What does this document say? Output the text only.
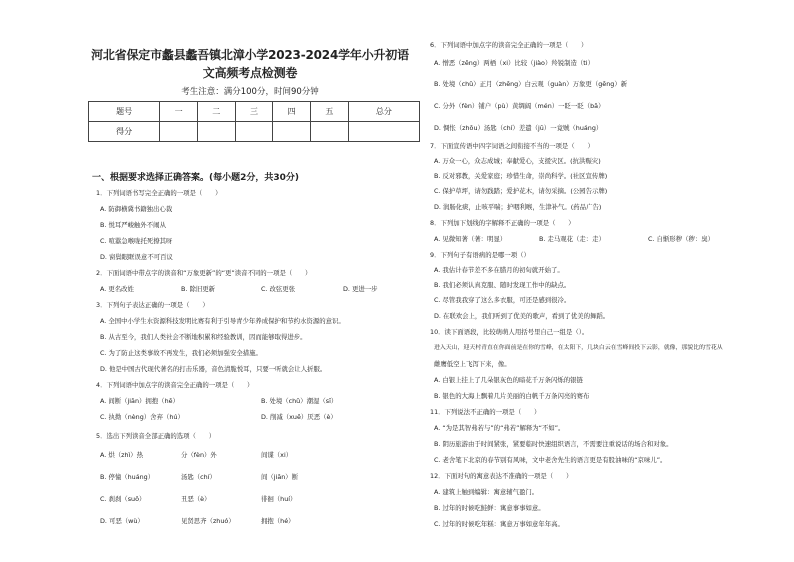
河北省保定市蠡县蠡吾镇北漳小学2023-2024学年小升初语
文高频考点检测卷
考生注意：满分100分，时间90分钟
题号	一	二	三	四	五	总分
得分						
一、根据要求选择正确答案。(每小题2分，共30分)
1．下列词语书写完全正确的一项是（　　）
A. 防御横冀书籍独出心裁
B. 悦耳严峻触外不闹从
C. 喧嚣急喉咙托死撩其呀
D. 窗鬓眼眶误意不可百议
2．下面词语中带点字的读音和“万象更新”的“更”读音不同的一项是（　　）
A. 更名改姓	B. 除旧更新	C. 改弦更张	D. 更进一步
3．下列句子表达正确的一项是（　　）
A. 全国中小学生水资源科技发明比赛有利于引导青少年养成保护和节约水资源的意识。
B. 从古至今，我们人类社会不断地积累和经验教训，因而能够取得进步。
C. 为了防止这类事故不再发生，我们必须加强安全措施。
D. 他是中国古代现代著名的打击乐器，音色清脆悦耳，只要一听就会让人折服。
4．下列词语中加点字的读音完全正确的一项是（　　）
A. 间断（jiān）拥抱（hē）	B. 处境（chǔ）潮湿（sī）
C. 执拗（nèng）舍弃（hú）	D. 削减（xuē）厌恶（è）
5．选出下列读音全部正确的选项（　　）
A. 烘（zhì）热	分（fèn）外	间谍（xi）
B. 停憧（huáng）	汤匙（chí）	间（jiān）断
C. 刹刹（suǒ）	丑恶（è）	徘徊（huí）
D. 可恶（wù）	见贤思齐（zhuó）	拥抱（hé）
6．下列词语中加点字的读音完全正确的一项是（　　）
A. 憎恶（zēng）两栖（xi）比较（jiào）羚锐制造（ti）
B. 处境（chǔ）正月（zhēng）白云观（guàn）万象更（gēng）新
C. 分外（fèn）铺户（pù）黄绸阔（mén）一眨一眨（bā）
D. 惆怅（zhōu）汤匙（chí）差遣（jū）一竟贼（huáng）
7．下面宣传语中四字词语之间衔接不当的一项是（　　）
A. 万众一心，众志成城；奉献爱心，支援灾区。(抗洪赈灾)
B. 反对邪教，关爱家庭；珍惜生命，崇尚科学。(社区宣传牌)
C. 保护草坪，请勿践踏；爱护花木，请勿采摘。(公园告示牌)
D. 润肠化痰，止咳平喘；护咽利喉，生津补气。(药品广告)
8．下列加下划线的字解释不正确的一项是（　　）
A. 见微知著（著：明显）	B. 走马观花（走：走）	C. 自惭形秽（秽：臭）
9．下列句子有语病的是哪一项（）
A. 我估计春节差不多在腊月的初旬就开始了。
B. 我们必须认真克服、随时发现工作中的缺点。
C. 尽管我我穿了这么多衣服，可还是感到很冷。
D. 在联欢会上，我们听到了优美的歌声，看到了优美的舞蹈。
10．读下面语段，比较萌萌人用括号里自己一组是（）。
进入天山，迎天村青直在你面前是在你的雪峰，在太阳下，几块白云在雪峰间投下云影，就像，那貌比的雪花从
雌鹰低空上飞泻下来，像。
A. 白银上挂上了几朵银灰色的暗花千万条闪烁的银链
B. 银色的大海上飘着几片美丽的白帆千万条闪亮的赛布
11．下列说法不正确的一项是（　　）
A. “为是其智弗若与”的“弗若”解释为“不如”。
B. 阴历旅游由于时间紧张，紧要临时快速组织语言，不需要注重说话的场合和对象。
C. 老舍笔下北京的春节别有风味，文中老舍先生的语言更是有股油味的“京味儿”。
12．下面对句的寓意表达不准确的一项是（　　）
A. 建筑上触到编辑：寓意辅气盈门。
B. 过年的时候吃鲑鲜：寓意事事如意。
C. 过年的时候吃年糕：寓意万事如意年年高。
